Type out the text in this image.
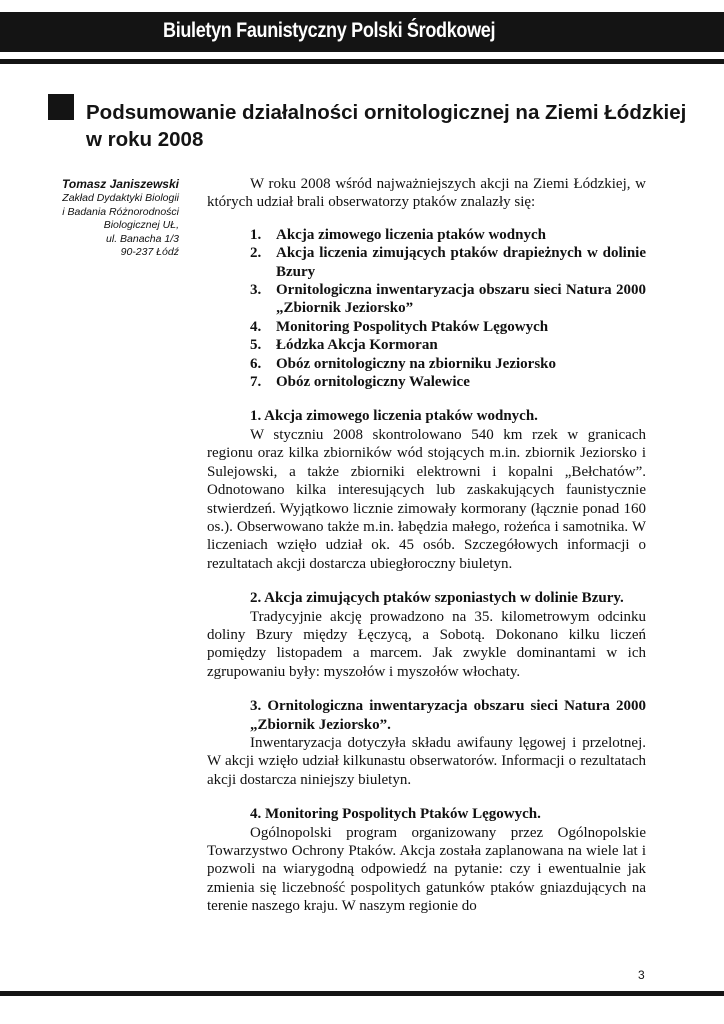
Biuletyn Faunistyczny Polski Środkowej
Podsumowanie działalności ornitologicznej na Ziemi Łódzkiej w roku 2008
Tomasz Janiszewski
Zakład Dydaktyki Biologii
i Badania Różnorodności
Biologicznej UŁ,
ul. Banacha 1/3
90-237 Łódź

W roku 2008 wśród najważniejszych akcji na Ziemi Łódzkiej, w których udział brali obserwatorzy ptaków znalazły się:

1. Akcja zimowego liczenia ptaków wodnych
2. Akcja liczenia zimujących ptaków drapieżnych w dolinie Bzury
3. Ornitologiczna inwentaryzacja obszaru sieci Natura 2000 „Zbiornik Jeziorsko”
4. Monitoring Pospolitych Ptaków Lęgowych
5. Łódzka Akcja Kormoran
6. Obóz ornitologiczny na zbiorniku Jeziorsko
7. Obóz ornitologiczny Walewice

1. Akcja zimowego liczenia ptaków wodnych.

W styczniu 2008 skontrolowano 540 km rzek w granicach regionu oraz kilka zbiorników wód stojących m.in. zbiornik Jeziorsko i Sulejowski, a także zbiorniki elektrowni i kopalni „Bełchatów”. Odnotowano kilka interesujących lub zaskakujących faunistycznie stwierdzeń. Wyjątkowo licznie zimowały kormorany (łącznie ponad 160 os.). Obserwowano także m.in. łabędzia małego, rożeńca i samotnika. W liczeniach wzięło udział ok. 45 osób. Szczegółowych informacji o rezultatach akcji dostarcza ubiegłoroczny biuletyn.

2. Akcja zimujących ptaków szponiastych w dolinie Bzury.

Tradycyjnie akcję prowadzono na 35. kilometrowym odcinku doliny Bzury między Łęczycą, a Sobotą. Dokonano kilku liczeń pomiędzy listopadem a marcem. Jak zwykle dominantami w ich zgrupowaniu były: myszołów i myszołów włochaty.

3. Ornitologiczna inwentaryzacja obszaru sieci Natura 2000 „Zbiornik Jeziorsko”.

Inwentaryzacja dotyczyła składu awifauny lęgowej i przelotnej. W akcji wzięło udział kilkunastu obserwatorów. Informacji o rezultatach akcji dostarcza niniejszy biuletyn.

4. Monitoring Pospolitych Ptaków Lęgowych.

Ogólnopolski program organizowany przez Ogólnopolskie Towarzystwo Ochrony Ptaków. Akcja została zaplanowana na wiele lat i pozwoli na wiarygodną odpowiedź na pytanie: czy i ewentualnie jak zmienia się liczebność pospolitych gatunków ptaków gniazdujących na terenie naszego kraju. W naszym regionie do

3
